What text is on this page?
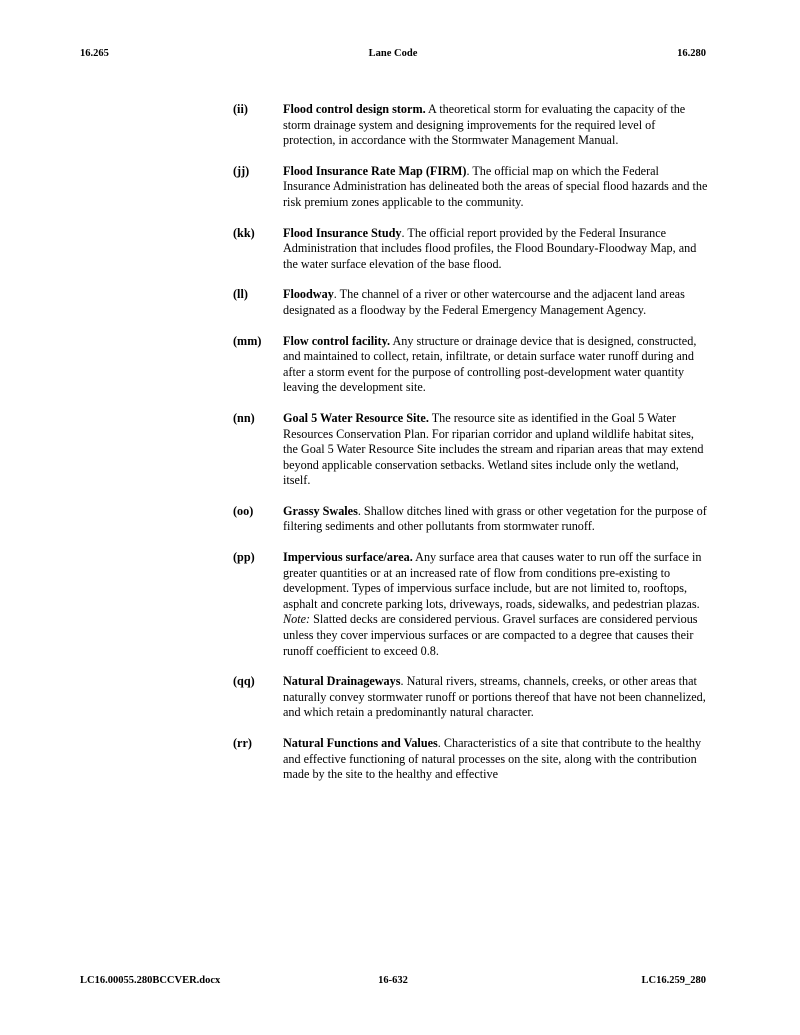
16.265	Lane Code	16.280
(ii)	Flood control design storm. A theoretical storm for evaluating the capacity of the storm drainage system and designing improvements for the required level of protection, in accordance with the Stormwater Management Manual.
(jj)	Flood Insurance Rate Map (FIRM). The official map on which the Federal Insurance Administration has delineated both the areas of special flood hazards and the risk premium zones applicable to the community.
(kk) Flood Insurance Study. The official report provided by the Federal Insurance Administration that includes flood profiles, the Flood Boundary-Floodway Map, and the water surface elevation of the base flood.
(ll)	Floodway. The channel of a river or other watercourse and the adjacent land areas designated as a floodway by the Federal Emergency Management Agency.
(mm) Flow control facility. Any structure or drainage device that is designed, constructed, and maintained to collect, retain, infiltrate, or detain surface water runoff during and after a storm event for the purpose of controlling post-development water quantity leaving the development site.
(nn) Goal 5 Water Resource Site. The resource site as identified in the Goal 5 Water Resources Conservation Plan. For riparian corridor and upland wildlife habitat sites, the Goal 5 Water Resource Site includes the stream and riparian areas that may extend beyond applicable conservation setbacks. Wetland sites include only the wetland, itself.
(oo) Grassy Swales. Shallow ditches lined with grass or other vegetation for the purpose of filtering sediments and other pollutants from stormwater runoff.
(pp) Impervious surface/area. Any surface area that causes water to run off the surface in greater quantities or at an increased rate of flow from conditions pre-existing to development. Types of impervious surface include, but are not limited to, rooftops, asphalt and concrete parking lots, driveways, roads, sidewalks, and pedestrian plazas. Note: Slatted decks are considered pervious. Gravel surfaces are considered pervious unless they cover impervious surfaces or are compacted to a degree that causes their runoff coefficient to exceed 0.8.
(qq) Natural Drainageways. Natural rivers, streams, channels, creeks, or other areas that naturally convey stormwater runoff or portions thereof that have not been channelized, and which retain a predominantly natural character.
(rr)	Natural Functions and Values. Characteristics of a site that contribute to the healthy and effective functioning of natural processes on the site, along with the contribution made by the site to the healthy and effective
LC16.00055.280BCCVER.docx	16-632	LC16.259_280
